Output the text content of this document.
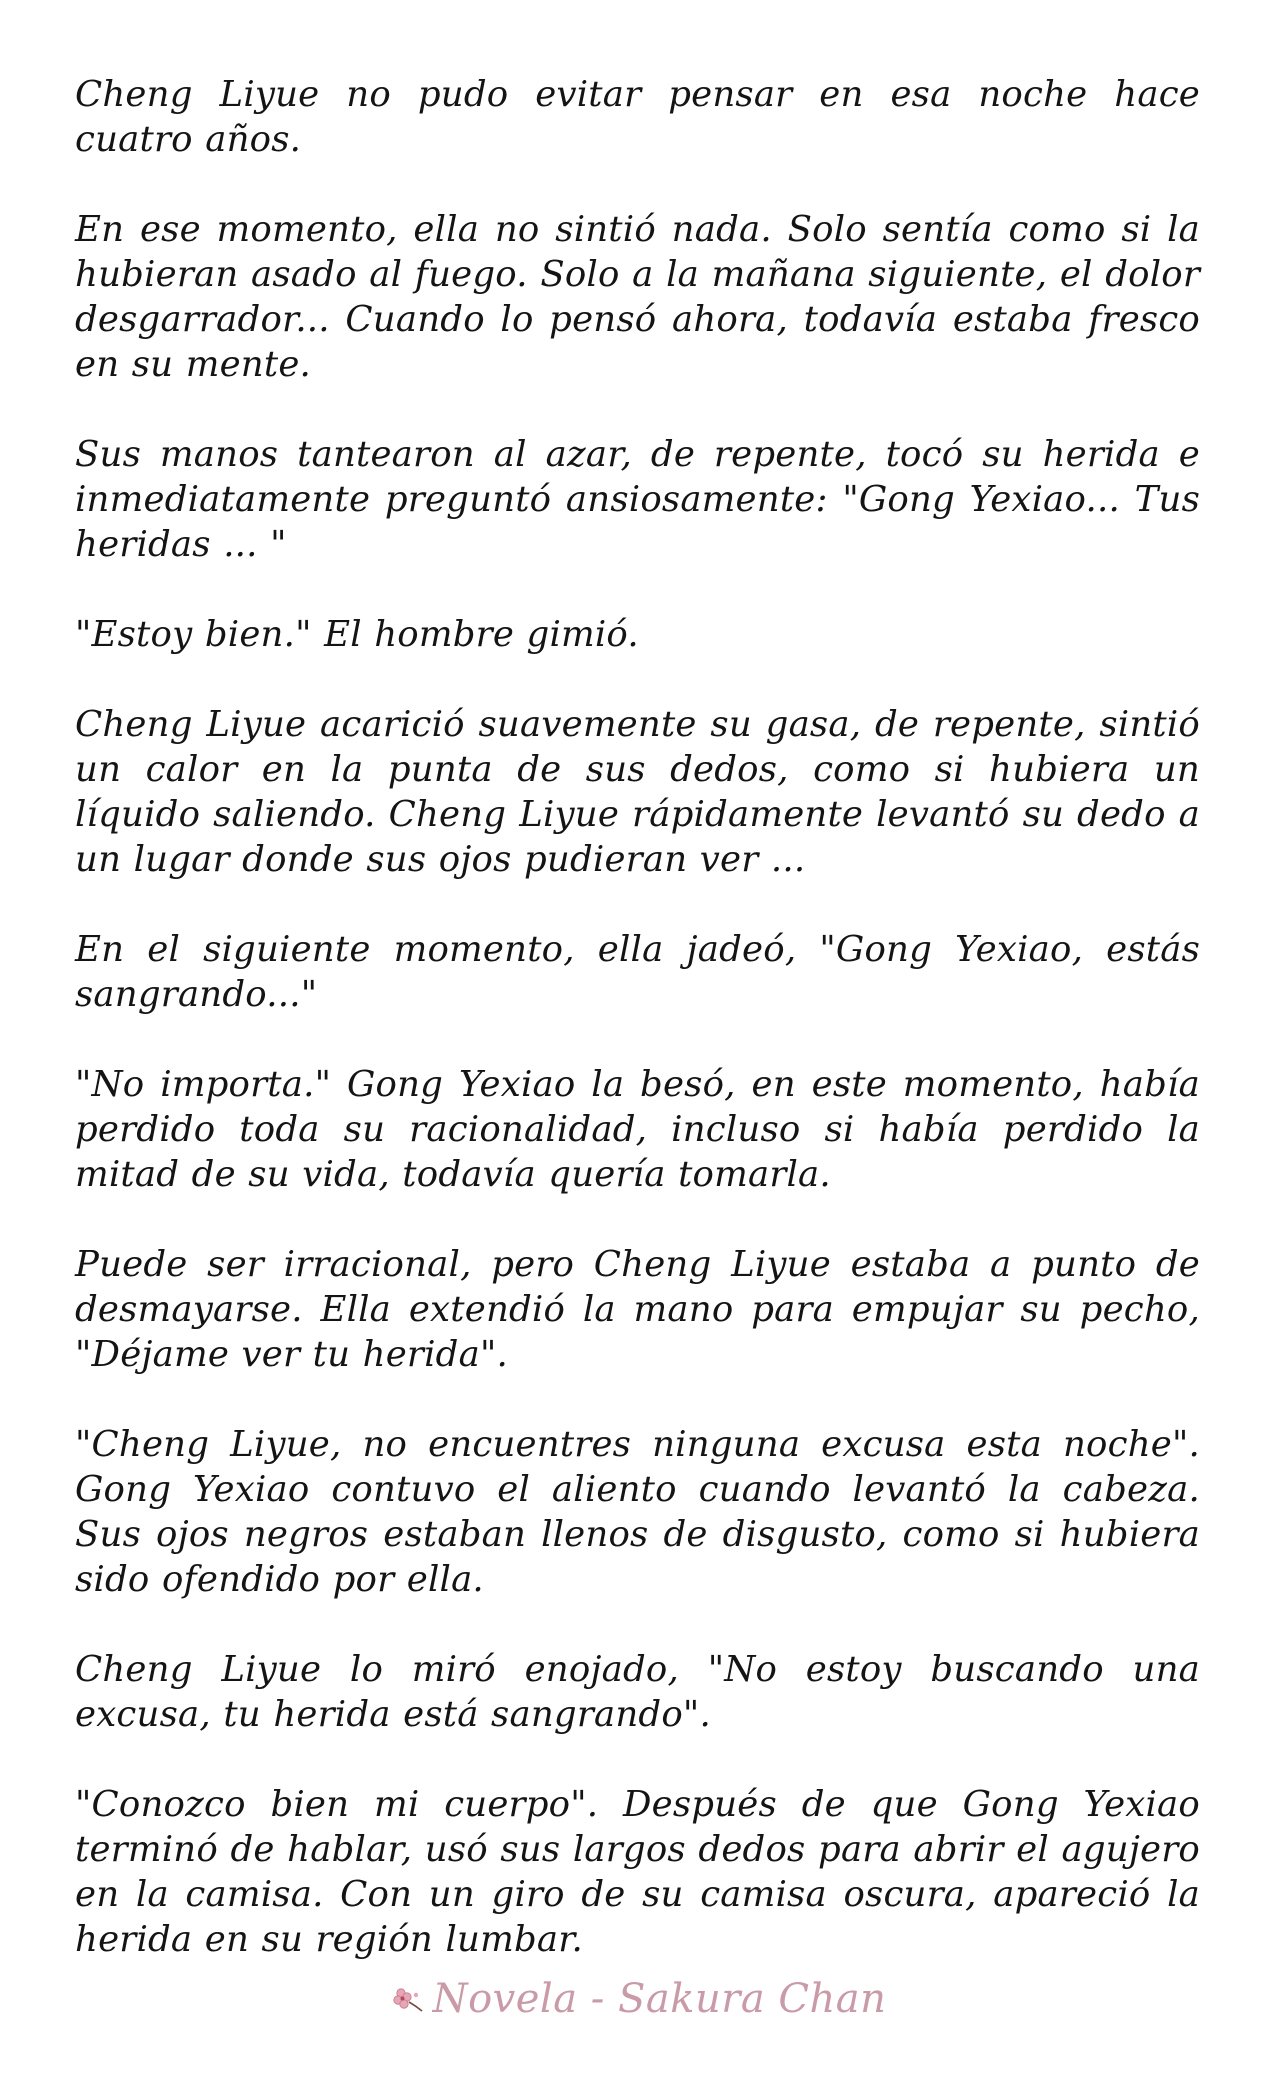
Cheng Liyue no pudo evitar pensar en esa noche hace cuatro años.

En ese momento, ella no sintió nada. Solo sentía como si la hubieran asado al fuego. Solo a la mañana siguiente, el dolor desgarrador... Cuando lo pensó ahora, todavía estaba fresco en su mente.

Sus manos tantearon al azar, de repente, tocó su herida e inmediatamente preguntó ansiosamente: "Gong Yexiao... Tus heridas ... "

"Estoy bien." El hombre gimió.

Cheng Liyue acarició suavemente su gasa, de repente, sintió un calor en la punta de sus dedos, como si hubiera un líquido saliendo. Cheng Liyue rápidamente levantó su dedo a un lugar donde sus ojos pudieran ver ...

En el siguiente momento, ella jadeó, "Gong Yexiao, estás sangrando..."

"No importa." Gong Yexiao la besó, en este momento, había perdido toda su racionalidad, incluso si había perdido la mitad de su vida, todavía quería tomarla.

Puede ser irracional, pero Cheng Liyue estaba a punto de desmayarse. Ella extendió la mano para empujar su pecho, "Déjame ver tu herida".

"Cheng Liyue, no encuentres ninguna excusa esta noche". Gong Yexiao contuvo el aliento cuando levantó la cabeza. Sus ojos negros estaban llenos de disgusto, como si hubiera sido ofendido por ella.

Cheng Liyue lo miró enojado, "No estoy buscando una excusa, tu herida está sangrando".

"Conozco bien mi cuerpo". Después de que Gong Yexiao terminó de hablar, usó sus largos dedos para abrir el agujero en la camisa. Con un giro de su camisa oscura, apareció la herida en su región lumbar.

Novela - Sakura Chan
